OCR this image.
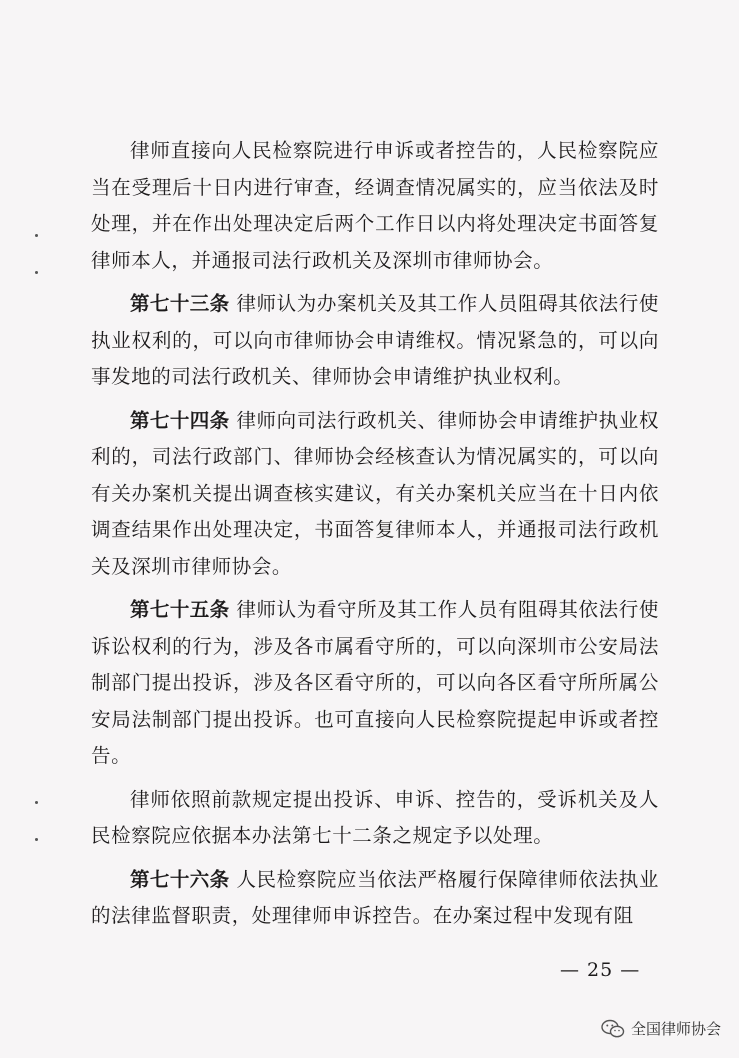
律师直接向人民检察院进行申诉或者控告的，人民检察院应当在受理后十日内进行审查，经调查情况属实的，应当依法及时处理，并在作出处理决定后两个工作日以内将处理决定书面答复律师本人，并通报司法行政机关及深圳市律师协会。

第七十三条 律师认为办案机关及其工作人员阻碍其依法行使执业权利的，可以向市律师协会申请维权。情况紧急的，可以向事发地的司法行政机关、律师协会申请维护执业权利。

第七十四条 律师向司法行政机关、律师协会申请维护执业权利的，司法行政部门、律师协会经核查认为情况属实的，可以向有关办案机关提出调查核实建议，有关办案机关应当在十日内依调查结果作出处理决定，书面答复律师本人，并通报司法行政机关及深圳市律师协会。

第七十五条 律师认为看守所及其工作人员有阻碍其依法行使诉讼权利的行为，涉及各市属看守所的，可以向深圳市公安局法制部门提出投诉，涉及各区看守所的，可以向各区看守所所属公安局法制部门提出投诉。也可直接向人民检察院提起申诉或者控告。

律师依照前款规定提出投诉、申诉、控告的，受诉机关及人民检察院应依据本办法第七十二条之规定予以处理。

第七十六条 人民检察院应当依法严格履行保障律师依法执业的法律监督职责，处理律师申诉控告。在办案过程中发现有阻

— 25 —
全国律师协会
